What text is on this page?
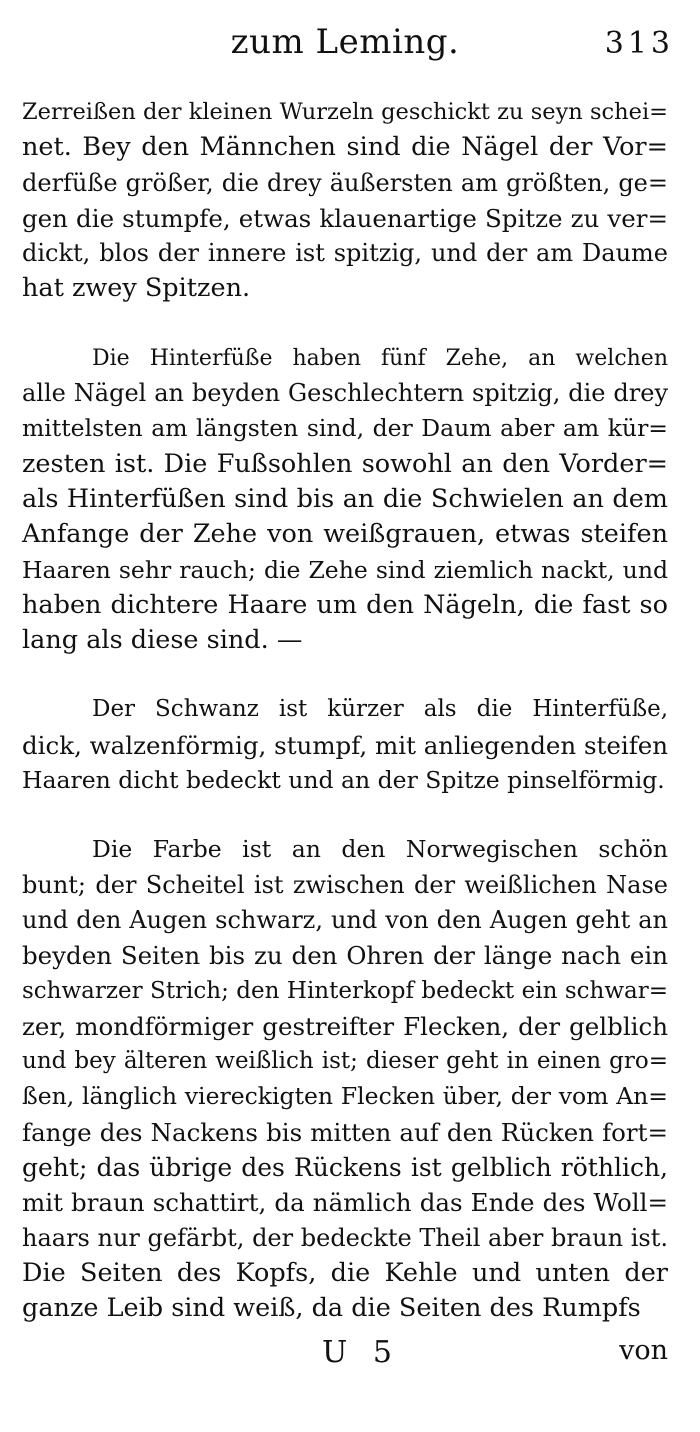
zum Leming.	313

Zerreißen der kleinen Wurzeln geschickt zu seyn schei=
net. Bey den Männchen sind die Nägel der Vor=
derfüße größer, die drey äußersten am größten, ge=
gen die stumpfe, etwas klauenartige Spitze zu ver=
dickt, blos der innere ist spitzig, und der am Daume
hat zwey Spitzen.

Die Hinterfüße haben fünf Zehe, an welchen
alle Nägel an beyden Geschlechtern spitzig, die drey
mittelsten am längsten sind, der Daum aber am kür=
zesten ist. Die Fußsohlen sowohl an den Vorder=
als Hinterfüßen sind bis an die Schwielen an dem
Anfange der Zehe von weißgrauen, etwas steifen
Haaren sehr rauch; die Zehe sind ziemlich nackt, und
haben dichtere Haare um den Nägeln, die fast so
lang als diese sind. —

Der Schwanz ist kürzer als die Hinterfüße,
dick, walzenförmig, stumpf, mit anliegenden steifen
Haaren dicht bedeckt und an der Spitze pinselförmig.

Die Farbe ist an den Norwegischen schön
bunt; der Scheitel ist zwischen der weißlichen Nase
und den Augen schwarz, und von den Augen geht an
beyden Seiten bis zu den Ohren der länge nach ein
schwarzer Strich; den Hinterkopf bedeckt ein schwar=
zer, mondförmiger gestreifter Flecken, der gelblich
und bey älteren weißlich ist; dieser geht in einen gro=
ßen, länglich viereckigten Flecken über, der vom An=
fange des Nackens bis mitten auf den Rücken fort=
geht; das übrige des Rückens ist gelblich röthlich,
mit braun schattirt, da nämlich das Ende des Woll=
haars nur gefärbt, der bedeckte Theil aber braun ist.
Die Seiten des Kopfs, die Kehle und unten der
ganze Leib sind weiß, da die Seiten des Rumpfs

U 5	von
